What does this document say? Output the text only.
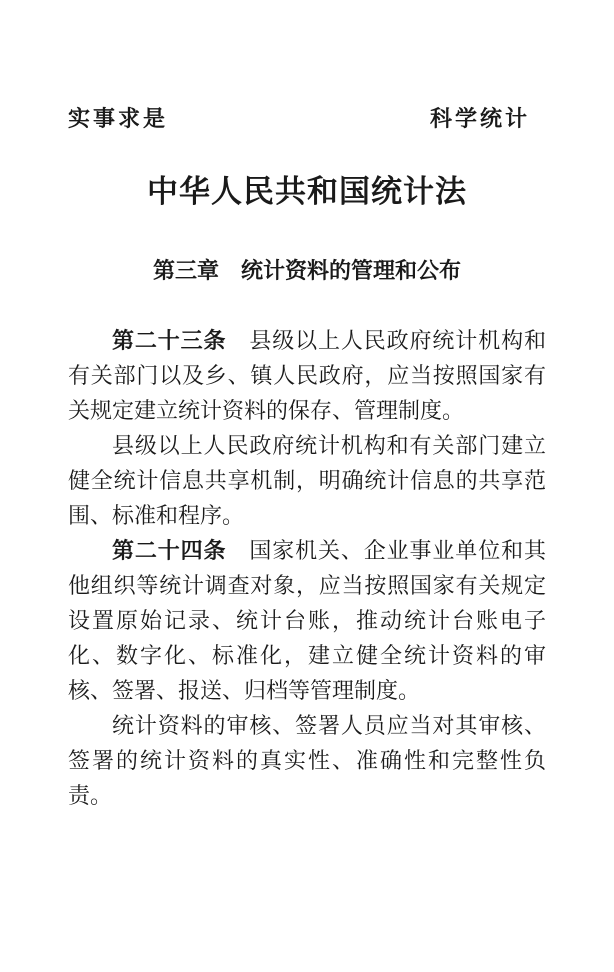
实事求是	科学统计
中华人民共和国统计法
第三章　统计资料的管理和公布

第二十三条　县级以上人民政府统计机构和有关部门以及乡、镇人民政府，应当按照国家有关规定建立统计资料的保存、管理制度。

县级以上人民政府统计机构和有关部门建立健全统计信息共享机制，明确统计信息的共享范围、标准和程序。

第二十四条　国家机关、企业事业单位和其他组织等统计调查对象，应当按照国家有关规定设置原始记录、统计台账，推动统计台账电子化、数字化、标准化，建立健全统计资料的审核、签署、报送、归档等管理制度。

统计资料的审核、签署人员应当对其审核、签署的统计资料的真实性、准确性和完整性负责。
